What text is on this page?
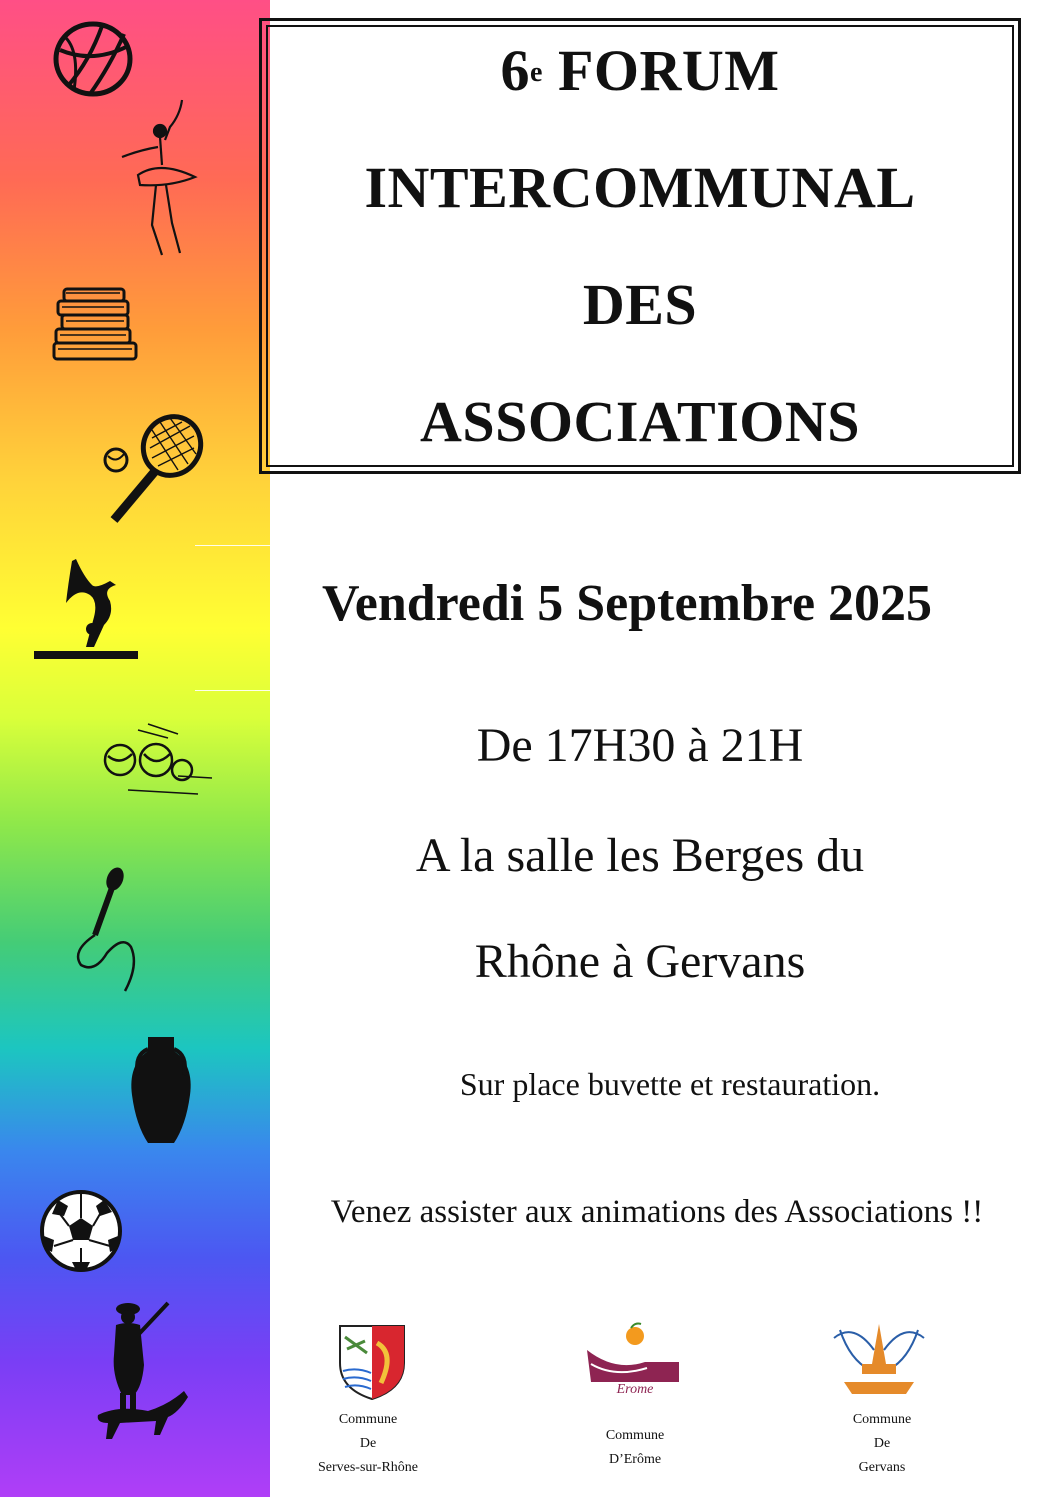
6e FORUM
INTERCOMMUNAL
DES
ASSOCIATIONS
Vendredi 5 Septembre 2025
De 17H30 à 21H
A la salle les Berges du
Rhône à Gervans
Sur place buvette et restauration.
Venez assister aux animations des Associations !!
Erome
Commune
De
Serves-sur-Rhône
Commune
D’Erôme
Commune
De
Gervans
